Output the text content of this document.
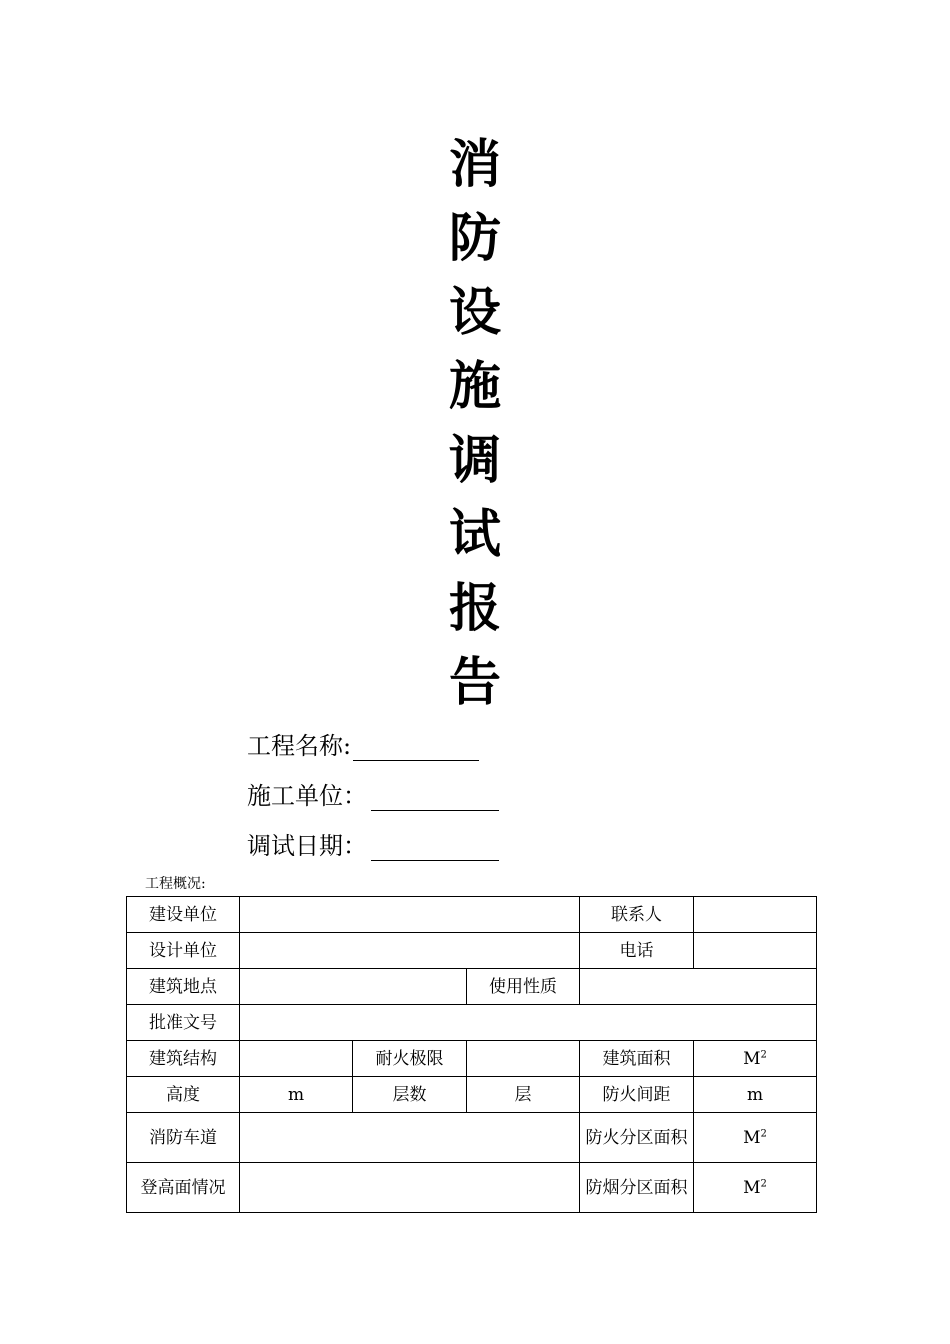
消
防
设
施
调
试
报
告
工程名称:
施工单位：
调试日期：
工程概况:
建设单位				联系人	
设计单位				电话	
建筑地点			使用性质		
批准文号					
建筑结构		耐火极限		建筑面积	$M^2$
高度	m	层数	层	防火间距	m
消防车道				防火分区面积	$M^2$
登高面情况				防烟分区面积	$M^2$
